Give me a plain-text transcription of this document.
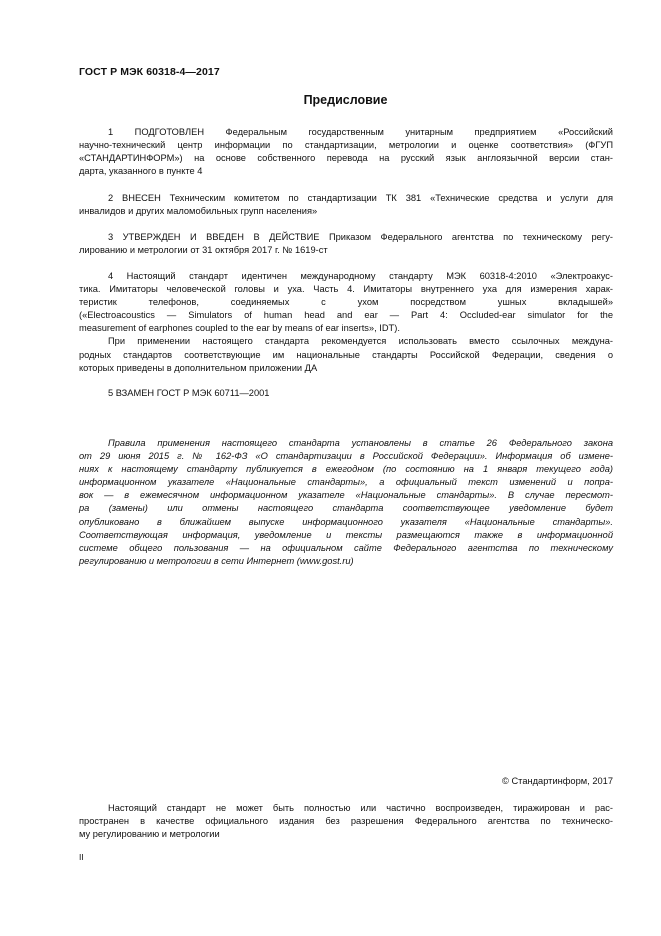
ГОСТ Р МЭК 60318-4—2017
Предисловие
1 ПОДГОТОВЛЕН Федеральным государственным унитарным предприятием «Российский
научно-технический центр информации по стандартизации, метрологии и оценке соответствия» (ФГУП
«СТАНДАРТИНФОРМ») на основе собственного перевода на русский язык англоязычной версии стан-
дарта, указанного в пункте 4
2 ВНЕСЕН Техническим комитетом по стандартизации ТК 381 «Технические средства и услуги для
инвалидов и других маломобильных групп населения»
3 УТВЕРЖДЕН И ВВЕДЕН В ДЕЙСТВИЕ Приказом Федерального агентства по техническому регу-
лированию и метрологии от 31 октября 2017 г. № 1619-ст
4 Настоящий стандарт идентичен международному стандарту МЭК 60318-4:2010 «Электроакус-
тика. Имитаторы человеческой головы и уха. Часть 4. Имитаторы внутреннего уха для измерения харак-
теристик телефонов, соединяемых с ухом посредством ушных вкладышей»
(«Electroacoustics — Simulators of human head and ear — Part 4: Occluded-ear simulator for the
measurement of earphones coupled to the ear by means of ear inserts», IDT).
При применении настоящего стандарта рекомендуется использовать вместо ссылочных междуна-
родных стандартов соответствующие им национальные стандарты Российской Федерации, сведения о
которых приведены в дополнительном приложении ДА
5 ВЗАМЕН ГОСТ Р МЭК 60711—2001
Правила применения настоящего стандарта установлены в статье 26 Федерального закона
от 29 июня 2015 г. № 162-ФЗ «О стандартизации в Российской Федерации». Информация об измене-
ниях к настоящему стандарту публикуется в ежегодном (по состоянию на 1 января текущего года)
информационном указателе «Национальные стандарты», а официальный текст изменений и попра-
вок — в ежемесячном информационном указателе «Национальные стандарты». В случае пересмот-
ра (замены) или отмены настоящего стандарта соответствующее уведомление будет
опубликовано в ближайшем выпуске информационного указателя «Национальные стандарты».
Соответствующая информация, уведомление и тексты размещаются также в информационной
системе общего пользования — на официальном сайте Федерального агентства по техническому
регулированию и метрологии в сети Интернет (www.gost.ru)
© Стандартинформ, 2017
Настоящий стандарт не может быть полностью или частично воспроизведен, тиражирован и рас-
пространен в качестве официального издания без разрешения Федерального агентства по техническо-
му регулированию и метрологии
II
